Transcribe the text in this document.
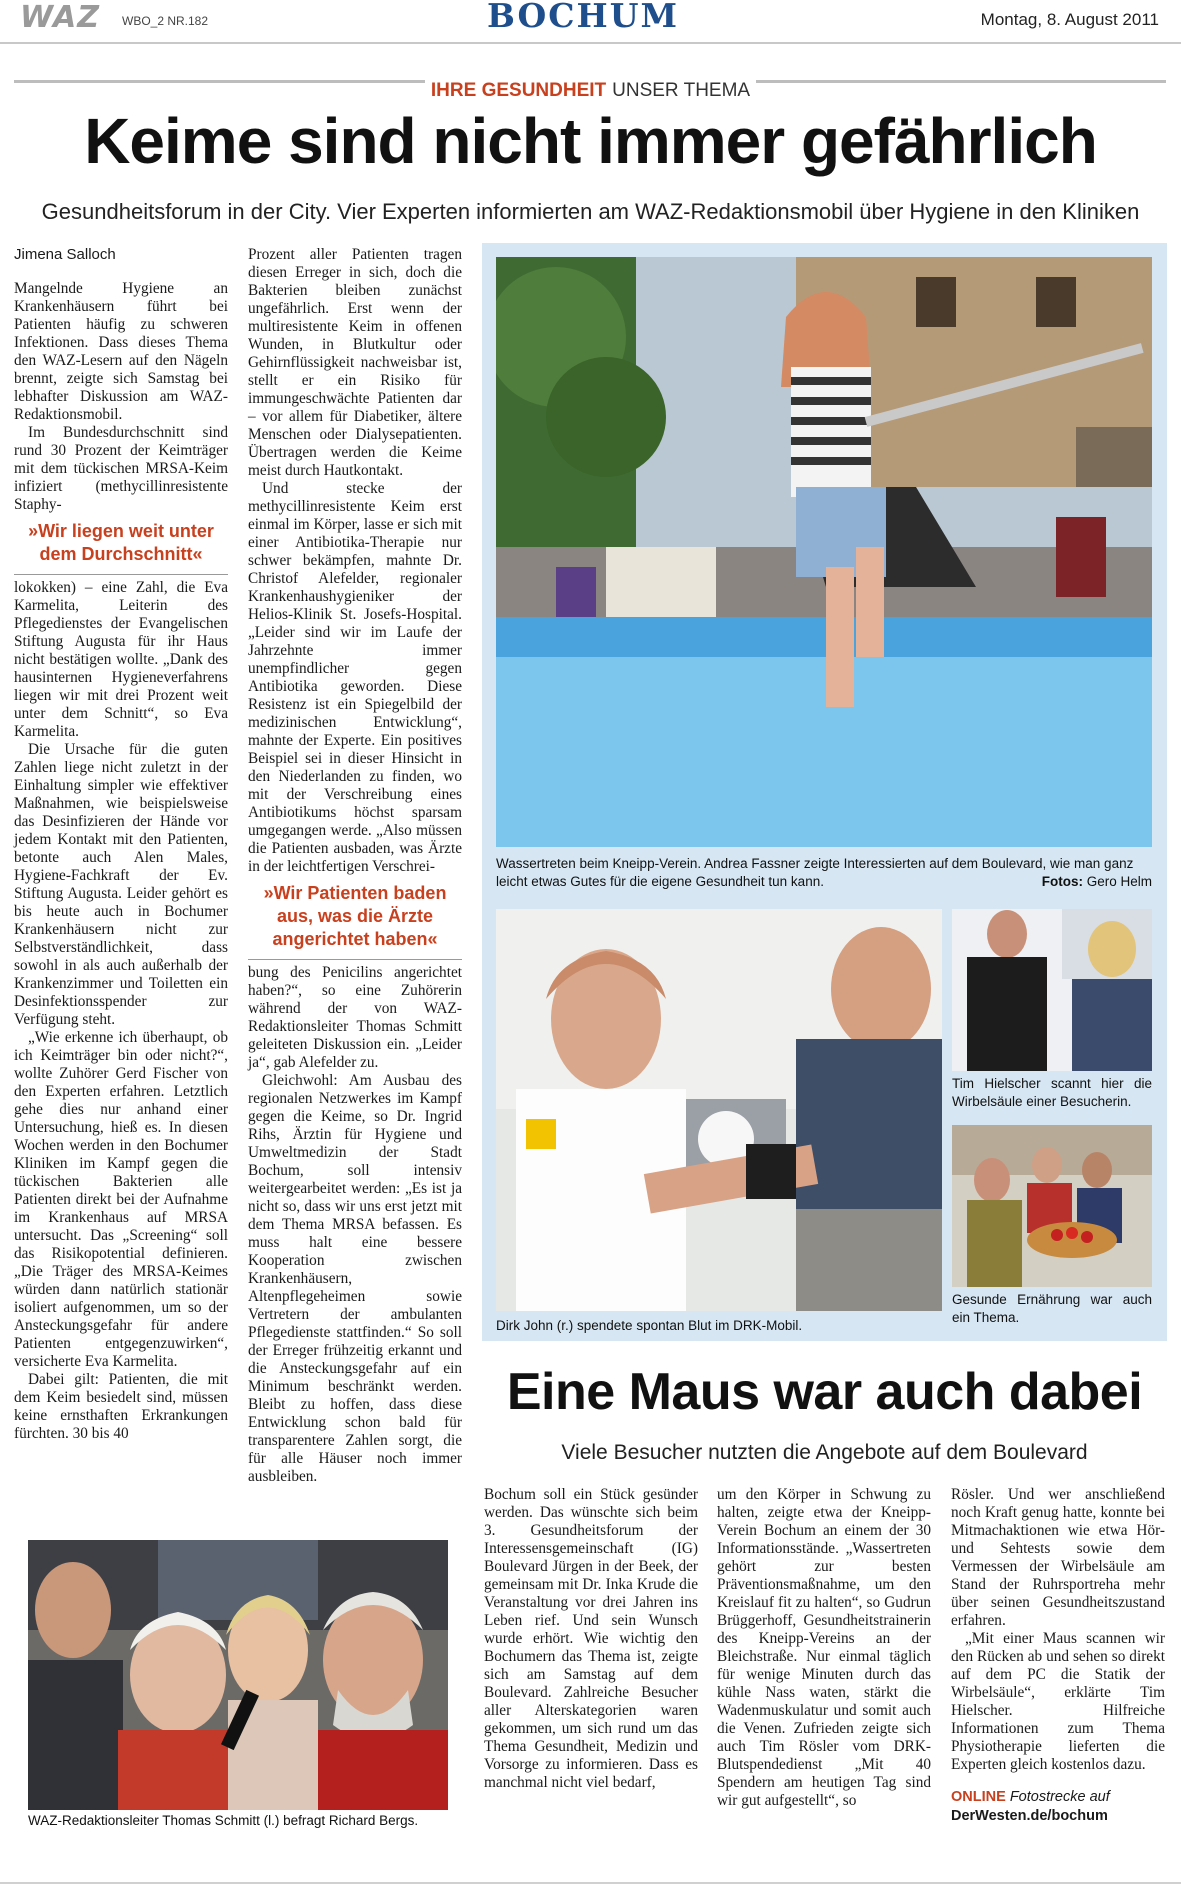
WAZ WBO_2 NR.182	BOCHUM	Montag, 8. August 2011
IHRE GESUNDHEIT UNSER THEMA
Keime sind nicht immer gefährlich
Gesundheitsforum in der City. Vier Experten informierten am WAZ-Redaktionsmobil über Hygiene in den Kliniken
Jimena Salloch

Mangelnde Hygiene an Krankenhäusern führt bei Patienten häufig zu schweren Infektionen. Dass dieses Thema den WAZ-Lesern auf den Nägeln brennt, zeigte sich Samstag bei lebhafter Diskussion am WAZ-Redaktionsmobil.

Im Bundesdurchschnitt sind rund 30 Prozent der Keimträger mit dem tückischen MRSA-Keim infiziert (methycillinresistente Staphy-

»Wir liegen weit unter dem Durchschnitt«

lokokken) – eine Zahl, die Eva Karmelita, Leiterin des Pflegedienstes der Evangelischen Stiftung Augusta für ihr Haus nicht bestätigen wollte. „Dank des hausinternen Hygieneverfahrens liegen wir mit drei Prozent weit unter dem Schnitt“, so Eva Karmelita.

Die Ursache für die guten Zahlen liege nicht zuletzt in der Einhaltung simpler wie effektiver Maßnahmen, wie beispielsweise das Desinfizieren der Hände vor jedem Kontakt mit den Patienten, betonte auch Alen Males, Hygiene-Fachkraft der Ev. Stiftung Augusta. Leider gehört es bis heute auch in Bochumer Krankenhäusern nicht zur Selbstverständlichkeit, dass sowohl in als auch außerhalb der Krankenzimmer und Toiletten ein Desinfektionsspender zur Verfügung steht.

„Wie erkenne ich überhaupt, ob ich Keimträger bin oder nicht?“, wollte Zuhörer Gerd Fischer von den Experten erfahren. Letztlich gehe dies nur anhand einer Untersuchung, hieß es. In diesen Wochen werden in den Bochumer Kliniken im Kampf gegen die tückischen Bakterien alle Patienten direkt bei der Aufnahme im Krankenhaus auf MRSA untersucht. Das „Screening“ soll das Risikopotential definieren. „Die Träger des MRSA-Keimes würden dann natürlich stationär isoliert aufgenommen, um so der Ansteckungsgefahr für andere Patienten entgegenzuwirken“, versicherte Eva Karmelita.

Dabei gilt: Patienten, die mit dem Keim besiedelt sind, müssen keine ernsthaften Erkrankungen fürchten. 30 bis 40

Prozent aller Patienten tragen diesen Erreger in sich, doch die Bakterien bleiben zunächst ungefährlich. Erst wenn der multiresistente Keim in offenen Wunden, in Blutkultur oder Gehirnflüssigkeit nachweisbar ist, stellt er ein Risiko für immungeschwächte Patienten dar – vor allem für Diabetiker, ältere Menschen oder Dialysepatienten. Übertragen werden die Keime meist durch Hautkontakt.

Und stecke der methycillinresistente Keim erst einmal im Körper, lasse er sich mit einer Antibiotika-Therapie nur schwer bekämpfen, mahnte Dr. Christof Alefelder, regionaler Krankenhaushygieniker der Helios-Klinik St. Josefs-Hospital. „Leider sind wir im Laufe der Jahrzehnte immer unempfindlicher gegen Antibiotika geworden. Diese Resistenz ist ein Spiegelbild der medizinischen Entwicklung“, mahnte der Experte. Ein positives Beispiel sei in dieser Hinsicht in den Niederlanden zu finden, wo mit der Verschreibung eines Antibiotikums höchst sparsam umgegangen werde. „Also müssen die Patienten ausbaden, was Ärzte in der leichtfertigen Verschrei-

»Wir Patienten baden aus, was die Ärzte angerichtet haben«

bung des Penicilins angerichtet haben?“, so eine Zuhörerin während der von WAZ-Redaktionsleiter Thomas Schmitt geleiteten Diskussion ein. „Leider ja“, gab Alefelder zu.

Gleichwohl: Am Ausbau des regionalen Netzwerkes im Kampf gegen die Keime, so Dr. Ingrid Rihs, Ärztin für Hygiene und Umweltmedizin der Stadt Bochum, soll intensiv weitergearbeitet werden: „Es ist ja nicht so, dass wir uns erst jetzt mit dem Thema MRSA befassen. Es muss halt eine bessere Kooperation zwischen Krankenhäusern, Altenpflegeheimen sowie Vertretern der ambulanten Pflegedienste stattfinden.“ So soll der Erreger frühzeitig erkannt und die Ansteckungsgefahr auf ein Minimum beschränkt werden. Bleibt zu hoffen, dass diese Entwicklung schon bald für transparentere Zahlen sorgt, die für alle Häuser noch immer ausbleiben.

WAZ-Redaktionsleiter Thomas Schmitt (l.) befragt Richard Bergs.
Wassertreten beim Kneipp-Verein. Andrea Fassner zeigte Interessierten auf dem Boulevard, wie man ganz leicht etwas Gutes für die eigene Gesundheit tun kann.	Fotos: Gero Helm
Dirk John (r.) spendete spontan Blut im DRK-Mobil.
Tim Hielscher scannt hier die Wirbelsäule einer Besucherin.
Gesunde Ernährung war auch ein Thema.
Eine Maus war auch dabei
Viele Besucher nutzten die Angebote auf dem Boulevard

Bochum soll ein Stück gesünder werden. Das wünschte sich beim 3. Gesundheitsforum der Interessensgemeinschaft (IG) Boulevard Jürgen in der Beek, der gemeinsam mit Dr. Inka Krude die Veranstaltung vor drei Jahren ins Leben rief. Und sein Wunsch wurde erhört. Wie wichtig den Bochumern das Thema ist, zeigte sich am Samstag auf dem Boulevard. Zahlreiche Besucher aller Alterskategorien waren gekommen, um sich rund um das Thema Gesundheit, Medizin und Vorsorge zu informieren. Dass es manchmal nicht viel bedarf,

um den Körper in Schwung zu halten, zeigte etwa der Kneipp-Verein Bochum an einem der 30 Informationsstände. „Wassertreten gehört zur besten Präventionsmaßnahme, um den Kreislauf fit zu halten“, so Gudrun Brüggerhoff, Gesundheitstrainerin des Kneipp-Vereins an der Bleichstraße. Nur einmal täglich für wenige Minuten durch das kühle Nass waten, stärkt die Wadenmuskulatur und somit auch die Venen. Zufrieden zeigte sich auch Tim Rösler vom DRK-Blutspendedienst „Mit 40 Spendern am heutigen Tag sind wir gut aufgestellt“, so

Rösler. Und wer anschließend noch Kraft genug hatte, konnte bei Mitmachaktionen wie etwa Hör- und Sehtests sowie dem Vermessen der Wirbelsäule am Stand der Ruhrsportreha mehr über seinen Gesundheitszustand erfahren.

„Mit einer Maus scannen wir den Rücken ab und sehen so direkt auf dem PC die Statik der Wirbelsäule“, erklärte Tim Hielscher. Hilfreiche Informationen zum Thema Physiotherapie lieferten die Experten gleich kostenlos dazu.

ONLINE Fotostrecke auf
DerWesten.de/bochum
